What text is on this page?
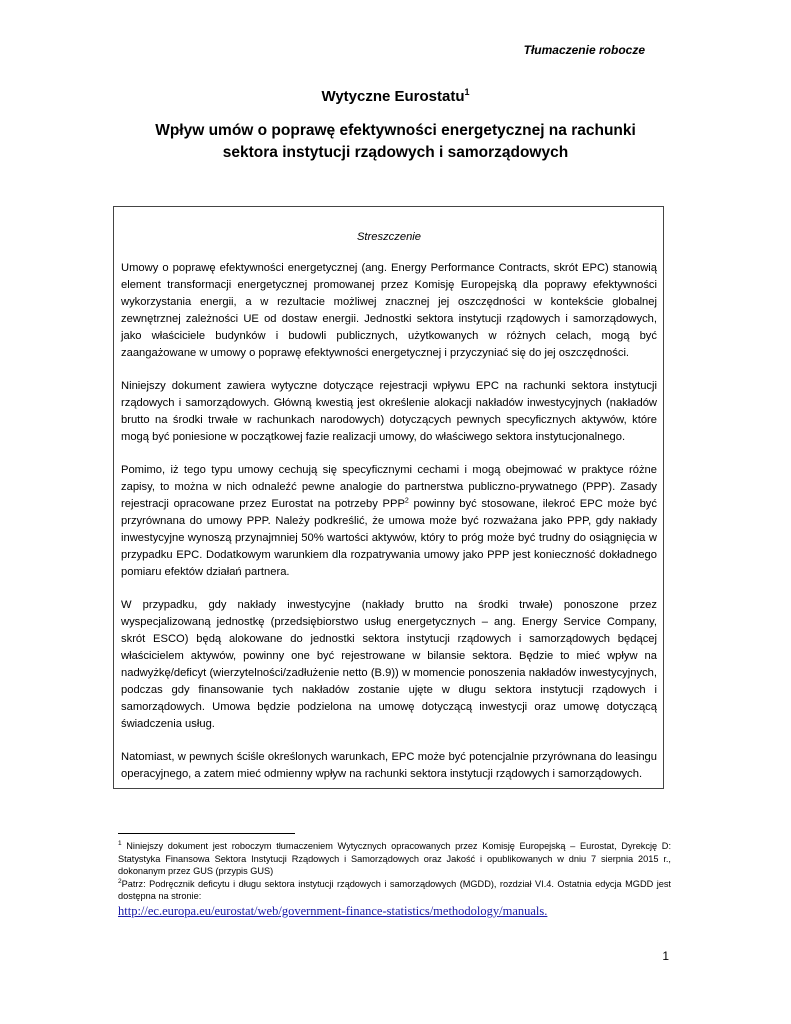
Tłumaczenie robocze
Wytyczne Eurostatu$^1$
Wpływ umów o poprawę efektywności energetycznej na rachunki sektora instytucji rządowych i samorządowych
Streszczenie

Umowy o poprawę efektywności energetycznej (ang. Energy Performance Contracts, skrót EPC) stanowią element transformacji energetycznej promowanej przez Komisję Europejską dla poprawy efektywności wykorzystania energii, a w rezultacie możliwej znacznej jej oszczędności w kontekście globalnej zewnętrznej zależności UE od dostaw energii. Jednostki sektora instytucji rządowych i samorządowych, jako właściciele budynków i budowli publicznych, użytkowanych w różnych celach, mogą być zaangażowane w umowy o poprawę efektywności energetycznej i przyczyniać się do jej oszczędności.

Niniejszy dokument zawiera wytyczne dotyczące rejestracji wpływu EPC na rachunki sektora instytucji rządowych i samorządowych. Główną kwestią jest określenie alokacji nakładów inwestycyjnych (nakładów brutto na środki trwałe w rachunkach narodowych) dotyczących pewnych specyficznych aktywów, które mogą być poniesione w początkowej fazie realizacji umowy, do właściwego sektora instytucjonalnego.

Pomimo, iż tego typu umowy cechują się specyficznymi cechami i mogą obejmować w praktyce różne zapisy, to można w nich odnaleźć pewne analogie do partnerstwa publiczno-prywatnego (PPP). Zasady rejestracji opracowane przez Eurostat na potrzeby PPP$^2$ powinny być stosowane, ilekroć EPC może być przyrównana do umowy PPP. Należy podkreślić, że umowa może być rozważana jako PPP, gdy nakłady inwestycyjne wynoszą przynajmniej 50% wartości aktywów, który to próg może być trudny do osiągnięcia w przypadku EPC. Dodatkowym warunkiem dla rozpatrywania umowy jako PPP jest konieczność dokładnego pomiaru efektów działań partnera.

W przypadku, gdy nakłady inwestycyjne (nakłady brutto na środki trwałe) ponoszone przez wyspecjalizowaną jednostkę (przedsiębiorstwo usług energetycznych – ang. Energy Service Company, skrót ESCO) będą alokowane do jednostki sektora instytucji rządowych i samorządowych będącej właścicielem aktywów, powinny one być rejestrowane w bilansie sektora. Będzie to mieć wpływ na nadwyżkę/deficyt (wierzytelności/zadłużenie netto (B.9)) w momencie ponoszenia nakładów inwestycyjnych, podczas gdy finansowanie tych nakładów zostanie ujęte w długu sektora instytucji rządowych i samorządowych. Umowa będzie podzielona na umowę dotyczącą inwestycji oraz umowę dotyczącą świadczenia usług.

Natomiast, w pewnych ściśle określonych warunkach, EPC może być potencjalnie przyrównana do leasingu operacyjnego, a zatem mieć odmienny wpływ na rachunki sektora instytucji rządowych i samorządowych.

$^1$ Niniejszy dokument jest roboczym tłumaczeniem Wytycznych opracowanych przez Komisję Europejską – Eurostat, Dyrekcję D: Statystyka Finansowa Sektora Instytucji Rządowych i Samorządowych oraz Jakość i opublikowanych w dniu 7 sierpnia 2015 r., dokonanym przez GUS (przypis GUS)

$^2$Patrz: Podręcznik deficytu i długu sektora instytucji rządowych i samorządowych (MGDD), rozdział VI.4. Ostatnia edycja MGDD jest dostępna na stronie:
http://ec.europa.eu/eurostat/web/government-finance-statistics/methodology/manuals.

1
